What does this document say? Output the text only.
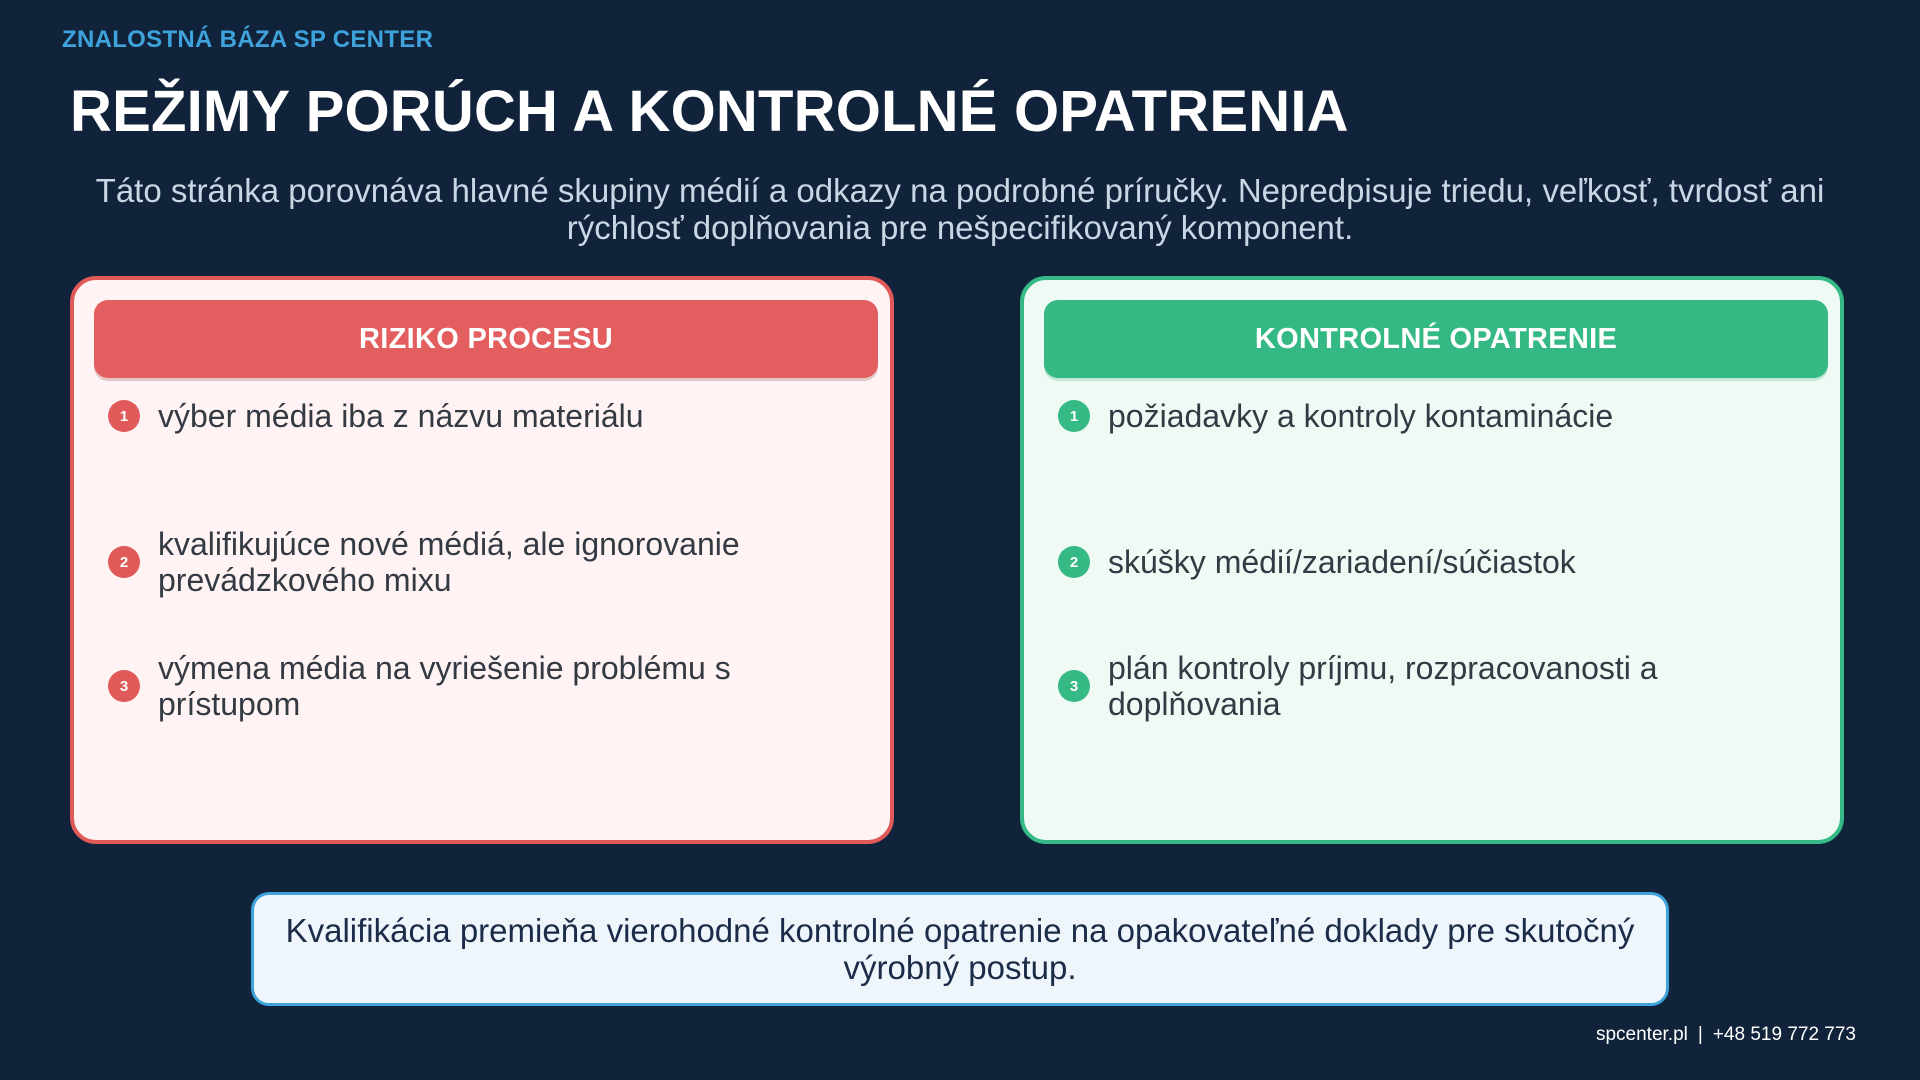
ZNALOSTNÁ BÁZA SP CENTER
REŽIMY PORÚCH A KONTROLNÉ OPATRENIA
Táto stránka porovnáva hlavné skupiny médií a odkazy na podrobné príručky. Nepredpisuje triedu, veľkosť, tvrdosť ani rýchlosť doplňovania pre nešpecifikovaný komponent.
RIZIKO PROCESU
1 výber média iba z názvu materiálu
2 kvalifikujúce nové médiá, ale ignorovanie prevádzkového mixu
3 výmena média na vyriešenie problému s prístupom
KONTROLNÉ OPATRENIE
1 požiadavky a kontroly kontaminácie
2 skúšky médií/zariadení/súčiastok
3 plán kontroly príjmu, rozpracovanosti a doplňovania
Kvalifikácia premieňa vierohodné kontrolné opatrenie na opakovateľné doklady pre skutočný výrobný postup.
spcenter.pl | +48 519 772 773
